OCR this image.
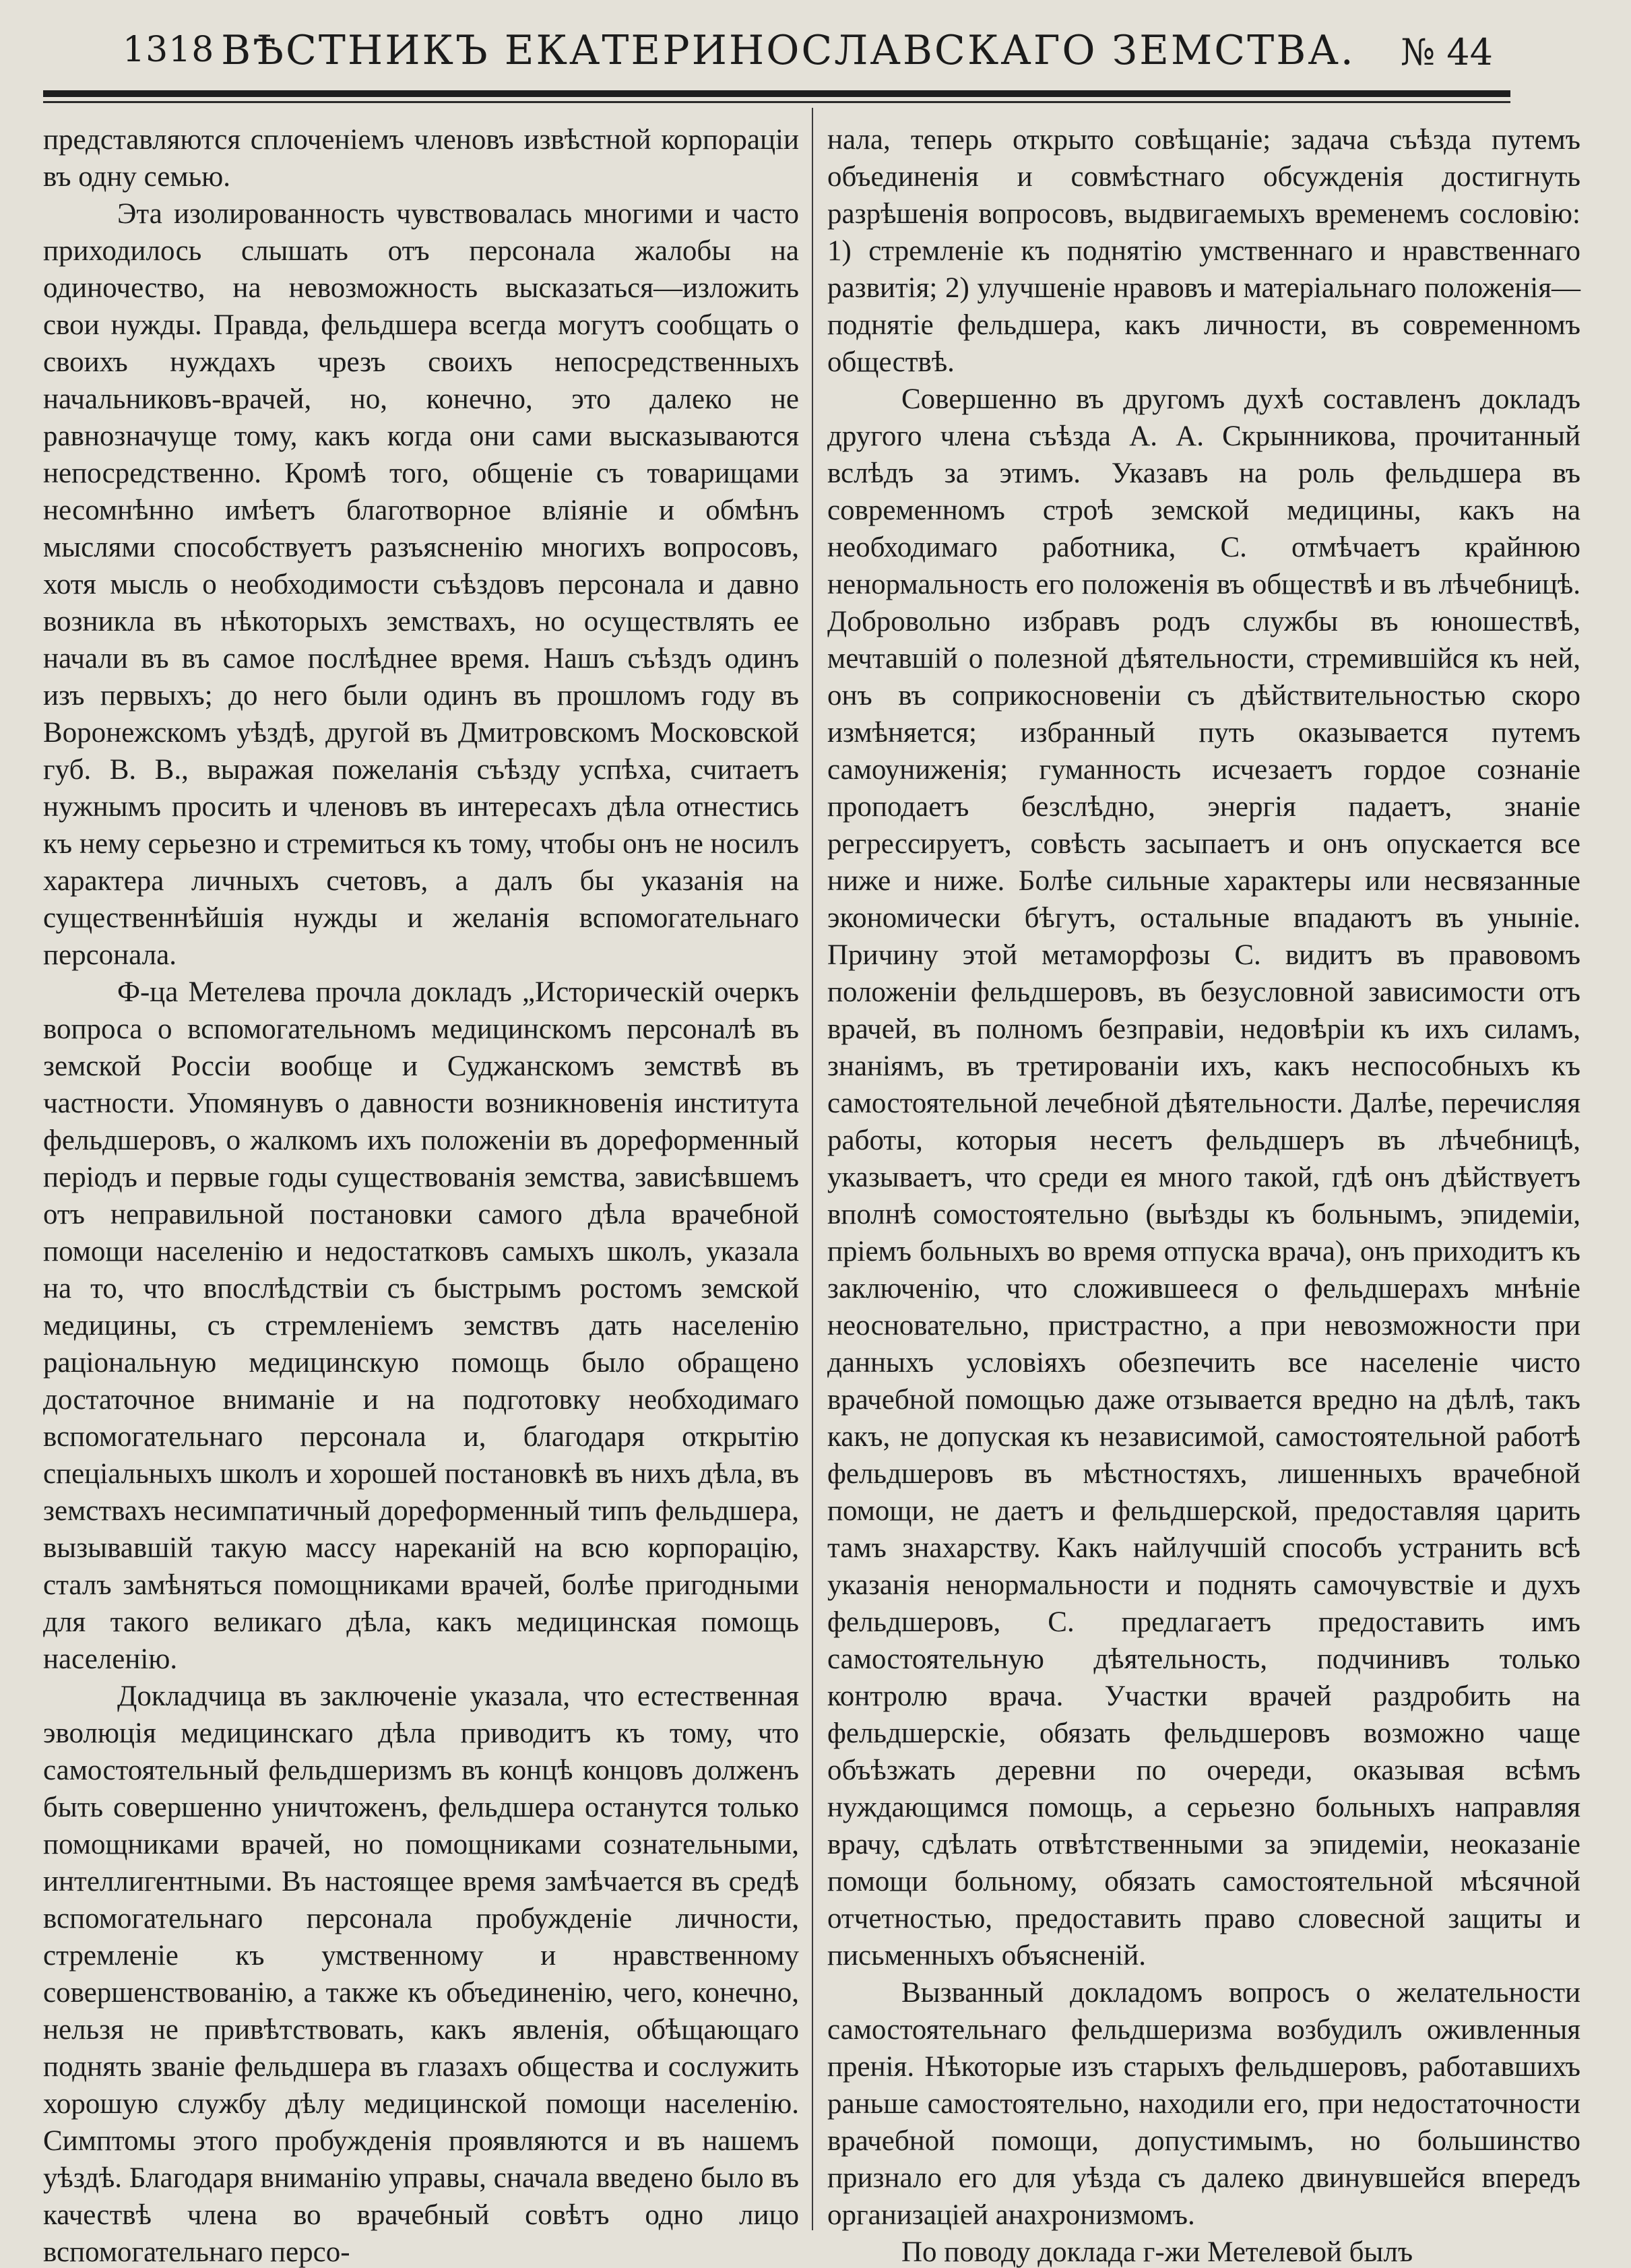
1318 ВѢСТНИКЪ ЕКАТЕРИНОСЛАВСКАГО ЗЕМСТВА.	№ 44

представляются сплоченіемъ членовъ извѣстной корпораціи въ одну семью.

Эта изолированность чувствовалась многими и часто приходилось слышать отъ персонала жалобы на одиночество, на невозможность высказаться—изложить свои нужды. Правда, фельдшера всегда могутъ сообщать о своихъ нуждахъ чрезъ своихъ непосредственныхъ начальниковъ-врачей, но, конечно, это далеко не равнозначуще тому, какъ когда они сами высказываются непосредственно. Кромѣ того, общеніе съ товарищами несомнѣнно имѣетъ благотворное вліяніе и обмѣнъ мыслями способствуетъ разъясненію многихъ вопросовъ, хотя мысль о необходимости съѣздовъ персонала и давно возникла въ нѣкоторыхъ земствахъ, но осуществлять ее начали въ въ самое послѣднее время. Нашъ съѣздъ одинъ изъ первыхъ; до него были одинъ въ прошломъ году въ Воронежскомъ уѣздѣ, другой въ Дмитровскомъ Московской губ. В. В., выражая пожеланія съѣзду успѣха, считаетъ нужнымъ просить и членовъ въ интересахъ дѣла отнестись къ нему серьезно и стремиться къ тому, чтобы онъ не носилъ характера личныхъ счетовъ, а далъ бы указанія на существеннѣйшія нужды и желанія вспомогательнаго персонала.

Ф-ца Метелева прочла докладъ „Историческій очеркъ вопроса о вспомогательномъ медицинскомъ персоналѣ въ земской Россіи вообще и Суджанскомъ земствѣ въ частности. Упомянувъ о давности возникновенія института фельдшеровъ, о жалкомъ ихъ положеніи въ дореформенный періодъ и первые годы существованія земства, зависѣвшемъ отъ неправильной постановки самого дѣла врачебной помощи населенію и недостатковъ самыхъ школъ, указала на то, что впослѣдствіи съ быстрымъ ростомъ земской медицины, съ стремленіемъ земствъ дать населенію раціональную медицинскую помощь было обращено достаточное вниманіе и на подготовку необходимаго вспомогательнаго персонала и, благодаря открытію спеціальныхъ школъ и хорошей постановкѣ въ нихъ дѣла, въ земствахъ несимпатичный дореформенный типъ фельдшера, вызывавшій такую массу нареканій на всю корпорацію, сталъ замѣняться помощниками врачей, болѣе пригодными для такого великаго дѣла, какъ медицинская помощь населенію.

Докладчица въ заключеніе указала, что естественная эволюція медицинскаго дѣла приводитъ къ тому, что самостоятельный фельдшеризмъ въ концѣ концовъ долженъ быть совершенно уничтоженъ, фельдшера останутся только помощниками врачей, но помощниками сознательными, интеллигентными. Въ настоящее время замѣчается въ средѣ вспомогательнаго персонала пробужденіе личности, стремленіе къ умственному и нравственному совершенствованію, а также къ объединенію, чего, конечно, нельзя не привѣтствовать, какъ явленія, обѣщающаго поднять званіе фельдшера въ глазахъ общества и сослужить хорошую службу дѣлу медицинской помощи населенію. Симптомы этого пробужденія проявляются и въ нашемъ уѣздѣ. Благодаря вниманію управы, сначала введено было въ качествѣ члена во врачебный совѣтъ одно лицо вспомогательнаго персо-

нала, теперь открыто совѣщаніе; задача съѣзда путемъ объединенія и совмѣстнаго обсужденія достигнуть разрѣшенія вопросовъ, выдвигаемыхъ временемъ сословію: 1) стремленіе къ поднятію умственнаго и нравственнаго развитія; 2) улучшеніе нравовъ и матеріальнаго положенія—поднятіе фельдшера, какъ личности, въ современномъ обществѣ.

Совершенно въ другомъ духѣ составленъ докладъ другого члена съѣзда А. А. Скрынникова, прочитанный вслѣдъ за этимъ. Указавъ на роль фельдшера въ современномъ строѣ земской медицины, какъ на необходимаго работника, С. отмѣчаетъ крайнюю ненормальность его положенія въ обществѣ и въ лѣчебницѣ. Добровольно избравъ родъ службы въ юношествѣ, мечтавшій о полезной дѣятельности, стремившійся къ ней, онъ въ соприкосновеніи съ дѣйствительностью скоро измѣняется; избранный путь оказывается путемъ самоуниженія; гуманность исчезаетъ гордое сознаніе проподаетъ безслѣдно, энергія падаетъ, знаніе регрессируетъ, совѣсть засыпаетъ и онъ опускается все ниже и ниже. Болѣе сильные характеры или несвязанные экономически бѣгутъ, остальные впадаютъ въ уныніе. Причину этой метаморфозы С. видитъ въ правовомъ положеніи фельдшеровъ, въ безусловной зависимости отъ врачей, въ полномъ безправіи, недовѣріи къ ихъ силамъ, знаніямъ, въ третированіи ихъ, какъ неспособныхъ къ самостоятельной лечебной дѣятельности. Далѣе, перечисляя работы, которыя несетъ фельдшеръ въ лѣчебницѣ, указываетъ, что среди ея много такой, гдѣ онъ дѣйствуетъ вполнѣ сомостоятельно (выѣзды къ больнымъ, эпидеміи, пріемъ больныхъ во время отпуска врача), онъ приходитъ къ заключенію, что сложившееся о фельдшерахъ мнѣніе неосновательно, пристрастно, а при невозможности при данныхъ условіяхъ обезпечить все населеніе чисто врачебной помощью даже отзывается вредно на дѣлѣ, такъ какъ, не допуская къ независимой, самостоятельной работѣ фельдшеровъ въ мѣстностяхъ, лишенныхъ врачебной помощи, не даетъ и фельдшерской, предоставляя царить тамъ знахарству. Какъ найлучшій способъ устранить всѣ указанія ненормальности и поднять самочувствіе и духъ фельдшеровъ, С. предлагаетъ предоставить имъ самостоятельную дѣятельность, подчинивъ только контролю врача. Участки врачей раздробить на фельдшерскіе, обязать фельдшеровъ возможно чаще объѣзжать деревни по очереди, оказывая всѣмъ нуждающимся помощь, а серьезно больныхъ направляя врачу, сдѣлать отвѣтственными за эпидеміи, неоказаніе помощи больному, обязать самостоятельной мѣсячной отчетностью, предоставить право словесной защиты и письменныхъ объясненій.

Вызванный докладомъ вопросъ о желательности самостоятельнаго фельдшеризма возбудилъ оживленныя пренія. Нѣкоторые изъ старыхъ фельдшеровъ, работавшихъ раньше самостоятельно, находили его, при недостаточности врачебной помощи, допустимымъ, но большинство признало его для уѣзда съ далеко двинувшейся впередъ организаціей анахронизмомъ.

По поводу доклада г-жи Метелевой былъ
